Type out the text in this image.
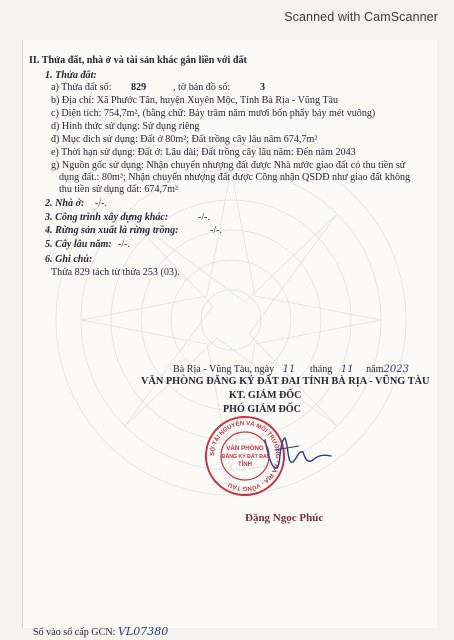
Scanned with CamScanner
II. Thửa đất, nhà ở và tài sản khác gắn liền với đất
1. Thửa đất:
a) Thửa đất số: 829	, tờ bản đồ số:	3
b) Địa chỉ: Xã Phước Tân, huyện Xuyên Mộc, Tỉnh Bà Rịa - Vũng Tàu
c) Diện tích: 754,7m², (bằng chữ: Bảy trăm năm mươi bốn phẩy bảy mét vuông)
d) Hình thức sử dụng: Sử dụng riêng
đ) Mục đích sử dụng: Đất ở 80m²; Đất trồng cây lâu năm 674,7m²
e) Thời hạn sử dụng: Đất ở: Lâu dài; Đất trồng cây lâu năm: Đến năm 2043
g) Nguồn gốc sử dụng: Nhận chuyển nhượng đất được Nhà nước giao đất có thu tiền sử
dụng đất.: 80m²; Nhận chuyển nhượng đất được Công nhận QSDĐ như giao đất không
thu tiền sử dụng đất: 674,7m²
2. Nhà ở: -/-.
3. Công trình xây dựng khác:	-/-.
4. Rừng sản xuất là rừng trồng:	-/-.
5. Cây lâu năm: -/-.
6. Ghi chú:
Thửa 829 tách từ thửa 253 (03).
Bà Rịa - Vũng Tàu, ngày 11 tháng 11 năm2023
VĂN PHÒNG ĐĂNG KÝ ĐẤT ĐAI TỈNH BÀ RỊA - VŨNG TÀU
KT. GIÁM ĐỐC
PHÓ GIÁM ĐỐC
SỞ TÀI NGUYÊN VÀ MÔI TRƯỜNG · BÀ RỊA - VŨNG TÀU ·
VĂN PHÒNG
ĐĂNG KÝ ĐẤT ĐAI
TỈNH
Đặng Ngọc Phúc
Số vào sổ cấp GCN: VL07380
